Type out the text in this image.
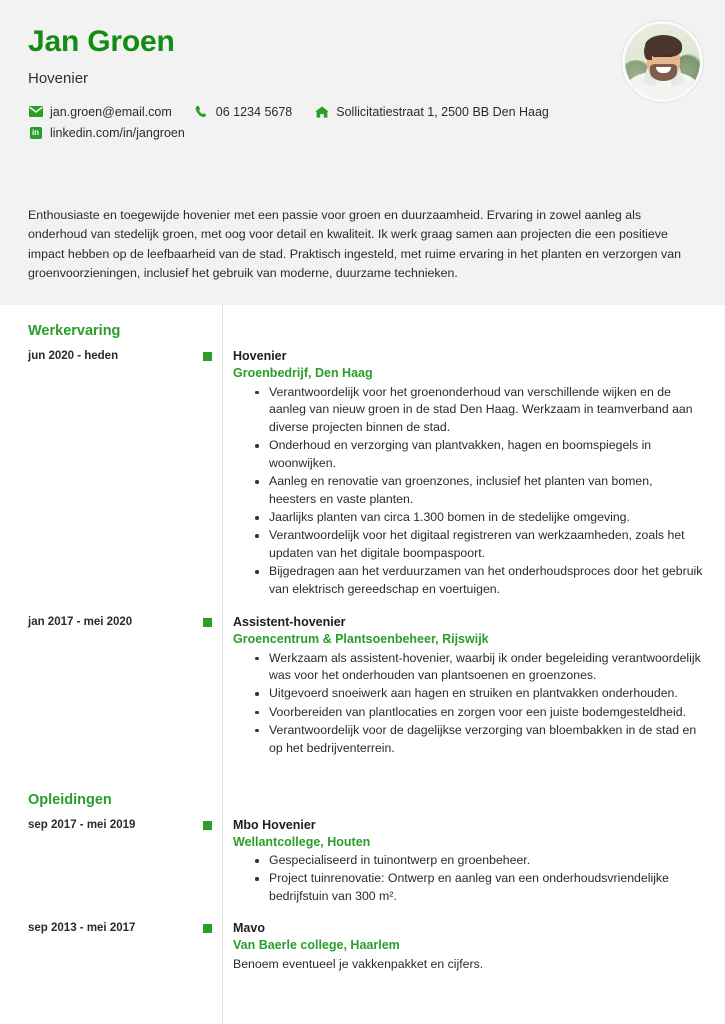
Jan Groen
Hovenier
jan.groen@email.com	06 1234 5678	Sollicitatiestraat 1, 2500 BB Den Haag
in linkedin.com/in/jangroen
Enthousiaste en toegewijde hovenier met een passie voor groen en duurzaamheid. Ervaring in zowel aanleg als onderhoud van stedelijk groen, met oog voor detail en kwaliteit. Ik werk graag samen aan projecten die een positieve impact hebben op de leefbaarheid van de stad. Praktisch ingesteld, met ruime ervaring in het planten en verzorgen van groenvoorzieningen, inclusief het gebruik van moderne, duurzame technieken.
Werkervaring
jun 2020 - heden	Hovenier
Groenbedrijf, Den Haag
Verantwoordelijk voor het groenonderhoud van verschillende wijken en de aanleg van nieuw groen in de stad Den Haag. Werkzaam in teamverband aan diverse projecten binnen de stad.
Onderhoud en verzorging van plantvakken, hagen en boomspiegels in woonwijken.
Aanleg en renovatie van groenzones, inclusief het planten van bomen, heesters en vaste planten.
Jaarlijks planten van circa 1.300 bomen in de stedelijke omgeving.
Verantwoordelijk voor het digitaal registreren van werkzaamheden, zoals het updaten van het digitale boompaspoort.
Bijgedragen aan het verduurzamen van het onderhoudsproces door het gebruik van elektrisch gereedschap en voertuigen.
jan 2017 - mei 2020	Assistent-hovenier
Groencentrum & Plantsoenbeheer, Rijswijk
Werkzaam als assistent-hovenier, waarbij ik onder begeleiding verantwoordelijk was voor het onderhouden van plantsoenen en groenzones.
Uitgevoerd snoeiwerk aan hagen en struiken en plantvakken onderhouden.
Voorbereiden van plantlocaties en zorgen voor een juiste bodemgesteldheid.
Verantwoordelijk voor de dagelijkse verzorging van bloembakken in de stad en op het bedrijventerrein.
Opleidingen
sep 2017 - mei 2019	Mbo Hovenier
Wellantcollege, Houten
Gespecialiseerd in tuinontwerp en groenbeheer.
Project tuinrenovatie: Ontwerp en aanleg van een onderhoudsvriendelijke bedrijfstuin van 300 m².
sep 2013 - mei 2017	Mavo
Van Baerle college, Haarlem
Benoem eventueel je vakkenpakket en cijfers.
